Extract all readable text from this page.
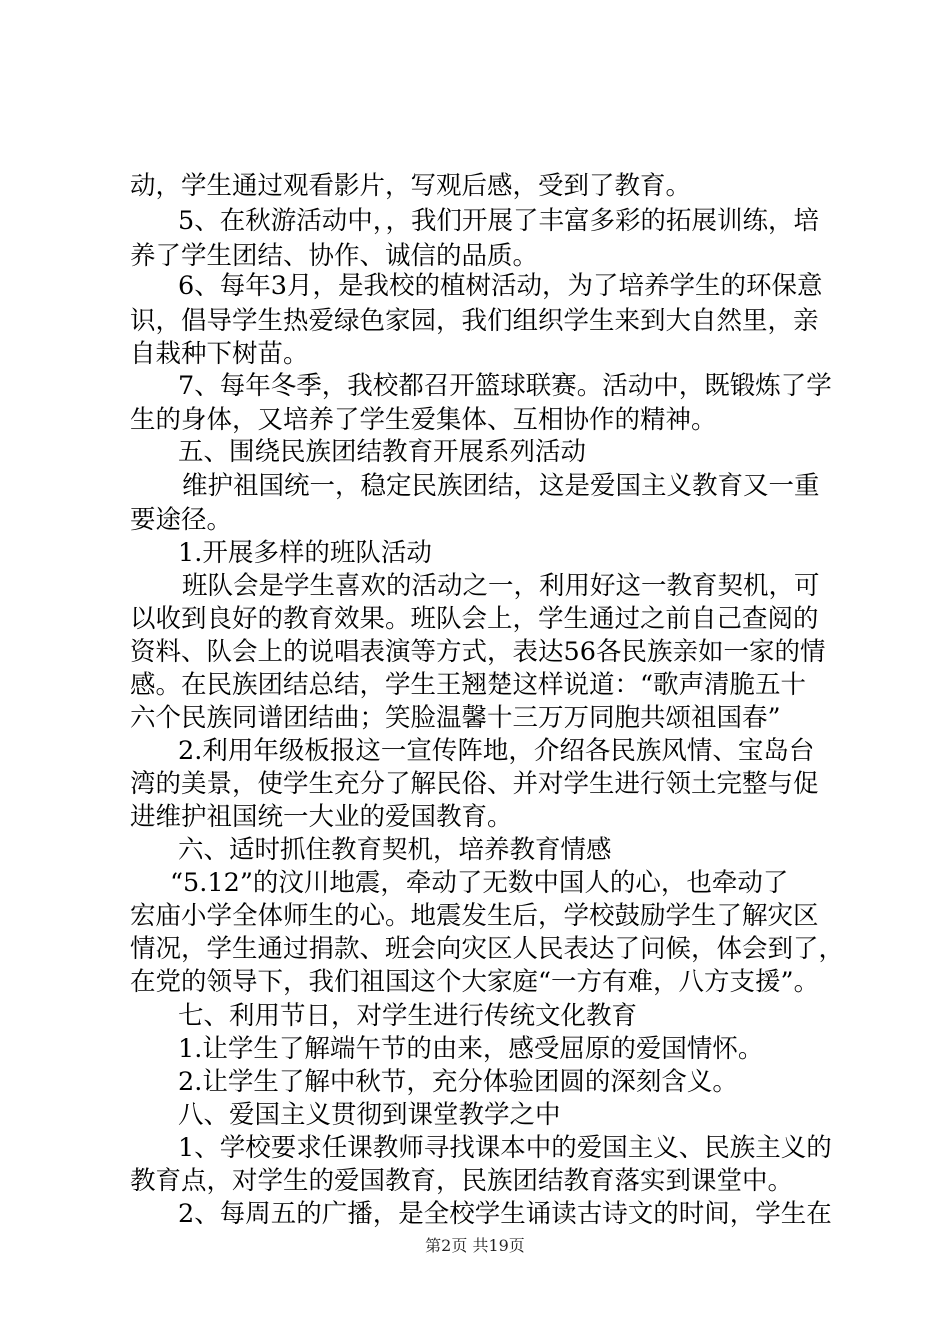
动，学生通过观看影片，写观后感，受到了教育。
5、在秋游活动中，，我们开展了丰富多彩的拓展训练，培
养了学生团结、协作、诚信的品质。
6、每年3月，是我校的植树活动，为了培养学生的环保意
识，倡导学生热爱绿色家园，我们组织学生来到大自然里，亲
自栽种下树苗。
7、每年冬季，我校都召开篮球联赛。活动中，既锻炼了学
生的身体，又培养了学生爱集体、互相协作的精神。
五、围绕民族团结教育开展系列活动
维护祖国统一，稳定民族团结，这是爱国主义教育又一重
要途径。
1.开展多样的班队活动
班队会是学生喜欢的活动之一，利用好这一教育契机，可
以收到良好的教育效果。班队会上，学生通过之前自己查阅的
资料、队会上的说唱表演等方式，表达56各民族亲如一家的情
感。在民族团结总结，学生王翘楚这样说道：“歌声清脆五十
六个民族同谱团结曲；笑脸温馨十三万万同胞共颂祖国春”
2.利用年级板报这一宣传阵地，介绍各民族风情、宝岛台
湾的美景，使学生充分了解民俗、并对学生进行领土完整与促
进维护祖国统一大业的爱国教育。
六、适时抓住教育契机，培养教育情感
“5.12”的汶川地震，牵动了无数中国人的心，也牵动了
宏庙小学全体师生的心。地震发生后，学校鼓励学生了解灾区
情况，学生通过捐款、班会向灾区人民表达了问候，体会到了，
在党的领导下，我们祖国这个大家庭“一方有难，八方支援”。
七、利用节日，对学生进行传统文化教育
1.让学生了解端午节的由来，感受屈原的爱国情怀。
2.让学生了解中秋节，充分体验团圆的深刻含义。
八、爱国主义贯彻到课堂教学之中
1、学校要求任课教师寻找课本中的爱国主义、民族主义的
教育点，对学生的爱国教育，民族团结教育落实到课堂中。
2、每周五的广播，是全校学生诵读古诗文的时间，学生在
第2页 共19页
